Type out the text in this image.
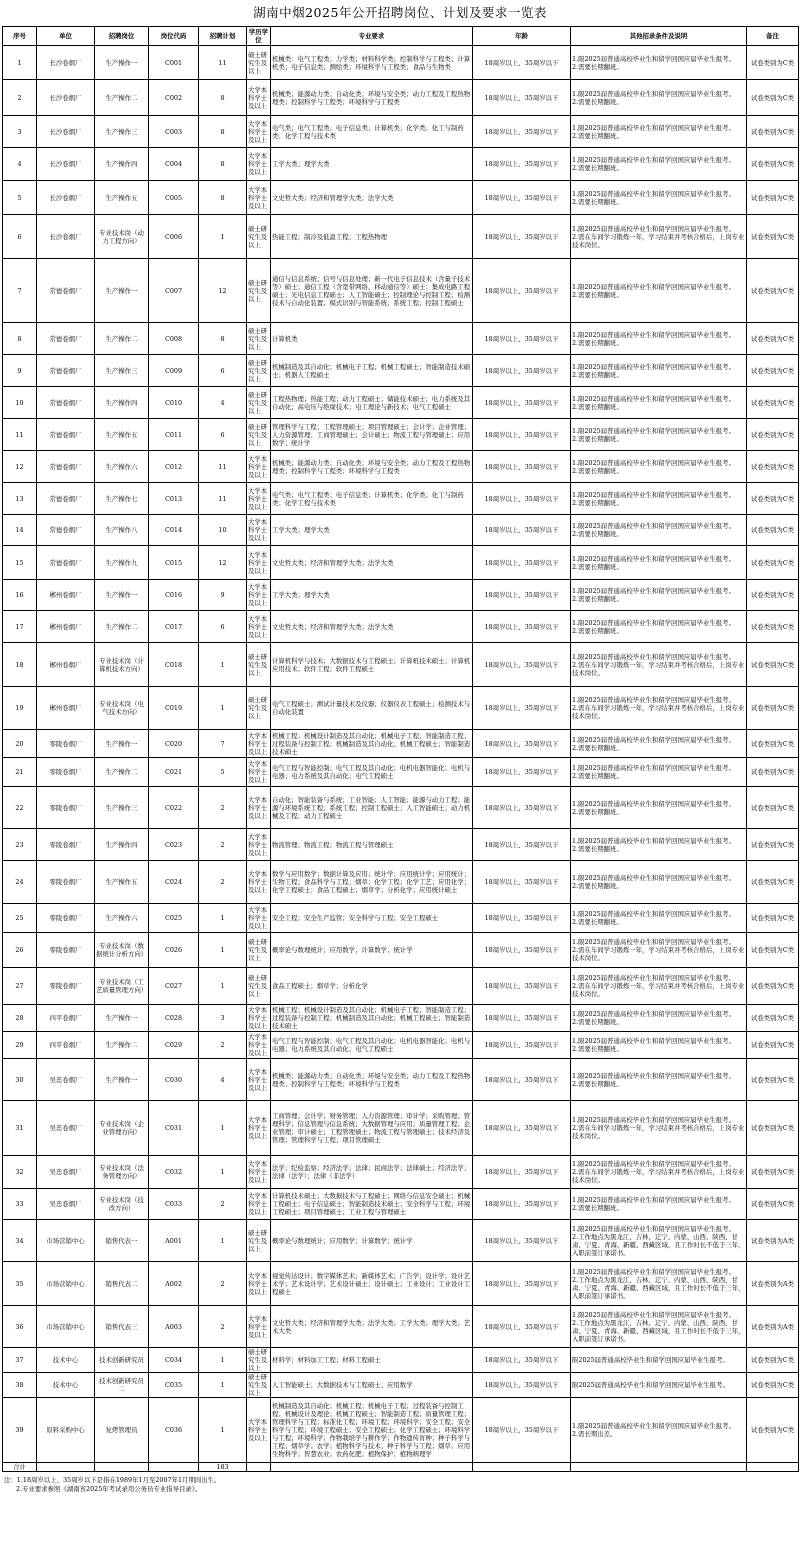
湖南中烟2025年公开招聘岗位、计划及要求一览表
序号	单位	招聘岗位	岗位代码	招聘计划	学历学位	专业要求	年龄	其他招录条件及说明	备注
1	长沙卷烟厂	生产操作一	C001	11	硕士研究生及以上	机械类：电气工程类；力学类；材料科学类；控制科学与工程类；计算机类；电子信息类；测绘类；环境科学与工程类；食品与生物类	18周岁以上、35周岁以下	1.限2025届普通高校毕业生和留学回国应届毕业生报考。
2.需要长期翻班。	试卷类别为C类
2	长沙卷烟厂	生产操作二	C002	8	大学本科学士及以上	机械类；能源动力类；自动化类；环境与安全类；动力工程及工程热物理类；控制科学与工程类；环境科学与工程类	18周岁以上、35周岁以下	1.限2025届普通高校毕业生和留学回国应届毕业生报考。
2.需要长期翻班。	试卷类别为C类
3	长沙卷烟厂	生产操作三	C003	8	大学本科学士及以上	电气类；电气工程类；电子信息类；计算机类；化学类；化工与制药类；化学工程与技术类	18周岁以上、35周岁以下	1.限2025届普通高校毕业生和留学回国应届毕业生报考。
2.需要长期翻班。	试卷类别为C类
4	长沙卷烟厂	生产操作四	C004	8	大学本科学士及以上	工学大类；理学大类	18周岁以上、35周岁以下	1.限2025届普通高校毕业生和留学回国应届毕业生报考。
2.需要长期翻班。	试卷类别为C类
5	长沙卷烟厂	生产操作五	C005	8	大学本科学士及以上	文史哲大类；经济和管理学大类；法学大类	18周岁以上、35周岁以下	1.限2025届普通高校毕业生和留学回国应届毕业生报考。
2.需要长期翻班。	试卷类别为C类
6	长沙卷烟厂	专业技术岗（动力工程方向）	C006	1	硕士研究生及以上	热能工程；制冷及低温工程；工程热物理	18周岁以上、35周岁以下	1.限2025届普通高校毕业生和留学回国应届毕业生报考。
2.需在车间学习锻炼一年，学习结束并考核合格后，上岗专业技术岗位。	试卷类别为C类
7	常德卷烟厂	生产操作一	C007	12	硕士研究生及以上	通信与信息系统；信号与信息处理；新一代电子信息技术（含量子技术等）硕士；通信工程（含宽带网络、移动通信等）硕士；集成电路工程硕士；光电信息工程硕士；人工智能硕士；控制理论与控制工程；检测技术与自动化装置；模式识别与智能系统；系统工程；控制工程硕士	18周岁以上、35周岁以下	1.限2025届普通高校毕业生和留学回国应届毕业生报考。
2.需要长期翻班。	试卷类别为C类
8	常德卷烟厂	生产操作二	C008	8	硕士研究生及以上	计算机类	18周岁以上、35周岁以下	1.限2025届普通高校毕业生和留学回国应届毕业生报考。
2.需要长期翻班。	试卷类别为C类
9	常德卷烟厂	生产操作三	C009	6	硕士研究生及以上	机械制造及其自动化；机械电子工程；机械工程硕士；智能制造技术硕士；机器人工程硕士	18周岁以上、35周岁以下	1.限2025届普通高校毕业生和留学回国应届毕业生报考。
2.需要长期翻班。	试卷类别为C类
10	常德卷烟厂	生产操作四	C010	4	硕士研究生及以上	工程热物理；热能工程；动力工程硕士；储能技术硕士；电力系统及其自动化；高电压与绝缘技术；电工理论与新技术；电气工程硕士	18周岁以上、35周岁以下	1.限2025届普通高校毕业生和留学回国应届毕业生报考。
2.需要长期翻班。	试卷类别为C类
11	常德卷烟厂	生产操作五	C011	6	硕士研究生及以上	管理科学与工程；工程管理硕士；项目管理硕士；会计学；企业管理；人力资源管理；工商管理硕士；会计硕士；物流工程与管理硕士；应用数学；统计学	18周岁以上、35周岁以下	1.限2025届普通高校毕业生和留学回国应届毕业生报考。
2.需要长期翻班。	试卷类别为C类
12	常德卷烟厂	生产操作六	C012	11	大学本科学士及以上	机械类；能源动力类；自动化类；环境与安全类；动力工程及工程热物理类；控制科学与工程类；环境科学与工程类	18周岁以上、35周岁以下	1.限2025届普通高校毕业生和留学回国应届毕业生报考。
2.需要长期翻班。	试卷类别为C类
13	常德卷烟厂	生产操作七	C013	11	大学本科学士及以上	电气类；电气工程类；电子信息类；计算机类；化学类；化工与制药类；化学工程与技术类	18周岁以上、35周岁以下	1.限2025届普通高校毕业生和留学回国应届毕业生报考。
2.需要长期翻班。	试卷类别为C类
14	常德卷烟厂	生产操作八	C014	10	大学本科学士及以上	工学大类；理学大类	18周岁以上、35周岁以下	1.限2025届普通高校毕业生和留学回国应届毕业生报考。
2.需要长期翻班。	试卷类别为C类
15	常德卷烟厂	生产操作九	C015	12	大学本科学士及以上	文史哲大类；经济和管理学大类；法学大类	18周岁以上、35周岁以下	1.限2025届普通高校毕业生和留学回国应届毕业生报考。
2.需要长期翻班。	试卷类别为C类
16	郴州卷烟厂	生产操作一	C016	9	大学本科学士及以上	工学大类；理学大类	18周岁以上、35周岁以下	1.限2025届普通高校毕业生和留学回国应届毕业生报考。
2.需要长期翻班。	试卷类别为C类
17	郴州卷烟厂	生产操作二	C017	6	大学本科学士及以上	文史哲大类；经济和管理学大类；法学大类	18周岁以上、35周岁以下	1.限2025届普通高校毕业生和留学回国应届毕业生报考。
2.需要长期翻班。	试卷类别为C类
18	郴州卷烟厂	专业技术岗（计算机技术方向）	C018	1	硕士研究生及以上	计算机科学与技术；大数据技术与工程硕士；计算机技术硕士；计算机应用技术；软件工程；软件工程硕士	18周岁以上、35周岁以下	1.限2025届普通高校毕业生和留学回国应届毕业生报考。
2.需在车间学习锻炼一年，学习结束并考核合格后，上岗专业技术岗位。	试卷类别为C类
19	郴州卷烟厂	专业技术岗（电气技术方向）	C019	1	硕士研究生及以上	电气工程硕士；测试计量技术及仪器；仪器仪表工程硕士；检测技术与自动化装置	18周岁以上、35周岁以下	1.限2025届普通高校毕业生和留学回国应届毕业生报考。
2.需在车间学习锻炼一年，学习结束并考核合格后，上岗专业技术岗位。	试卷类别为C类
20	零陵卷烟厂	生产操作一	C020	7	大学本科学士及以上	机械工程；机械设计制造及其自动化；机械电子工程；智能制造工程；过程装备与控制工程；机械制造及其自动化；机械工程硕士；智能制造技术硕士	18周岁以上、35周岁以下	1.限2025届普通高校毕业生和留学回国应届毕业生报考。
2.需要长期翻班。	试卷类别为C类
21	零陵卷烟厂	生产操作二	C021	5	大学本科学士及以上	电气工程与智能控制；电气工程及其自动化；电机电器智能化；电机与电器；电力系统及其自动化；电气工程硕士	18周岁以上、35周岁以下	1.限2025届普通高校毕业生和留学回国应届毕业生报考。
2.需要长期翻班。	试卷类别为C类
22	零陵卷烟厂	生产操作三	C022	2	大学本科学士及以上	自动化；智能装备与系统；工业智能；人工智能；能源与动力工程；能源与环境系统工程；系统工程；控制工程硕士；人工智能硕士；动力机械及工程；动力工程硕士	18周岁以上、35周岁以下	1.限2025届普通高校毕业生和留学回国应届毕业生报考。
2.需要长期翻班。	试卷类别为C类
23	零陵卷烟厂	生产操作四	C023	2	大学本科学士及以上	物流管理；物流工程；物流工程与管理硕士	18周岁以上、35周岁以下	1.限2025届普通高校毕业生和留学回国应届毕业生报考。
2.需要长期翻班。	试卷类别为C类
24	零陵卷烟厂	生产操作五	C024	2	大学本科学士及以上	数学与应用数学；数据计算及应用；统计学；应用统计学；应用统计；生物工程；食品科学与工程；烟草；化学工程；化学工艺；应用化学；化学工程硕士；食品工程硕士；烟草学；分析化学；应用统计硕士	18周岁以上、35周岁以下	1.限2025届普通高校毕业生和留学回国应届毕业生报考。
2.需要长期翻班。	试卷类别为C类
25	零陵卷烟厂	生产操作六	C025	1	大学本科学士及以上	安全工程；安全生产监管；安全科学与工程；安全工程硕士	18周岁以上、35周岁以下	1.限2025届普通高校毕业生和留学回国应届毕业生报考。
2.需要长期翻班。	试卷类别为C类
26	零陵卷烟厂	专业技术岗（数据统计分析方向）	C026	1	硕士研究生及以上	概率论与数理统计；应用数学；计算数学；统计学	18周岁以上、35周岁以下	1.限2025届普通高校毕业生和留学回国应届毕业生报考。
2.需在车间学习锻炼一年，学习结束并考核合格后，上岗专业技术岗位。	试卷类别为C类
27	零陵卷烟厂	专业技术岗（工艺质量管理方向）	C027	1	硕士研究生及以上	食品工程硕士；烟草学；分析化学	18周岁以上、35周岁以下	1.限2025届普通高校毕业生和留学回国应届毕业生报考。
2.需在车间学习锻炼一年，学习结束并考核合格后，上岗专业技术岗位。	试卷类别为C类
28	四平卷烟厂	生产操作一	C028	3	大学本科学士及以上	机械工程；机械设计制造及其自动化；机械电子工程；智能制造工程；过程装备与控制工程；机械制造及其自动化；机械工程硕士；智能制造技术硕士	18周岁以上、35周岁以下	1.限2025届普通高校毕业生和留学回国应届毕业生报考。
2.需要长期翻班。	试卷类别为C类
29	四平卷烟厂	生产操作二	C029	2	大学本科学士及以上	电气工程与智能控制；电气工程及其自动化；电机电器智能化；电机与电器；电力系统及其自动化；电气工程硕士	18周岁以上、35周岁以下	1.限2025届普通高校毕业生和留学回国应届毕业生报考。
2.需要长期翻班。	试卷类别为C类
30	吴忠卷烟厂	生产操作一	C030	4	大学本科学士及以上	机械类；能源动力类；自动化类；环境与安全类；动力工程及工程热物理类；控制科学与工程类；环境科学与工程类	18周岁以上、35周岁以下	1.限2025届普通高校毕业生和留学回国应届毕业生报考。
2.需要长期翻班。	试卷类别为C类
31	吴忠卷烟厂	专业技术岗（企业管理方向）	C031	1	大学本科学士及以上	工商管理；会计学；财务管理；人力资源管理；审计学；采购管理；管理科学；信息管理与信息系统；大数据管理与应用；质量管理工程；企业管理；审计硕士；工程管理硕士；物流工程与管理硕士；技术经济及管理；管理科学与工程；项目管理硕士	18周岁以上、35周岁以下	1.限2025届普通高校毕业生和留学回国应届毕业生报考。
2.需在车间学习锻炼一年，学习结束并考核合格后，上岗专业技术岗位。	试卷类别为C类
32	吴忠卷烟厂	专业技术岗（法务管理方向）	C032	1	大学本科学士及以上	法学；纪检监察；经济法学；法律；民商法学；法律硕士；经济法学；法律（法学）；法律（非法学）	18周岁以上、35周岁以下	1.限2025届普通高校毕业生和留学回国应届毕业生报考。
2.需在车间学习锻炼一年，学习结束并考核合格后，上岗专业技术岗位。	试卷类别为C类
33	吴忠卷烟厂	专业技术岗（技改方向）	C033	2	大学本科学士及以上	计算机技术硕士；大数据技术与工程硕士；网络与信息安全硕士；机械工程硕士；电子信息硕士；智能制造技术硕士；安全科学与工程；环境工程硕士；项目管理硕士；工业工程与管理硕士	18周岁以上、35周岁以下	1.限2025届普通高校毕业生和留学回国应届毕业生报考。
2.需要长期翻班。	试卷类别为C类
34	市场营销中心	销售代表一	A001	1	硕士研究生及以上	概率论与数理统计；应用数学；计算数学；统计学	18周岁以上、35周岁以下	1.限2025届普通高校毕业生和留学回国应届毕业生报考。
2.工作地点为黑龙江、吉林、辽宁、内蒙、山西、陕西、甘肃、宁夏、青海、新疆、西藏区域，且工作时长不低于三年，入职前签订承诺书。	试卷类别为A类
35	市场营销中心	销售代表二	A002	2	大学本科学士及以上	视觉传达设计；数字媒体艺术；新媒体艺术；广告学；设计学；设计艺术学；艺术设计学；艺术设计硕士；设计硕士；工业设计；工业设计工程硕士	18周岁以上、35周岁以下	1.限2025届普通高校毕业生和留学回国应届毕业生报考。
2.工作地点为黑龙江、吉林、辽宁、内蒙、山西、陕西、甘肃、宁夏、青海、新疆、西藏区域，且工作时长不低于三年，入职前签订承诺书。	试卷类别为A类
36	市场营销中心	销售代表三	A003	2	大学本科学士及以上	文史哲大类；经济和管理学大类；法学大类；工学大类；理学大类；艺术大类	18周岁以上、35周岁以下	1.限2025届普通高校毕业生和留学回国应届毕业生报考。
2.工作地点为黑龙江、吉林、辽宁、内蒙、山西、陕西、甘肃、宁夏、青海、新疆、西藏区域，且工作时长不低于三年，入职前签订承诺书。	试卷类别为A类
37	技术中心	技术创新研究员	C034	1	硕士研究生及以上	材料学；材料加工工程；材料工程硕士	18周岁以上、35周岁以下	限2025届普通高校毕业生和留学回国应届毕业生报考。	试卷类别为C类
38	技术中心	技术创新研究员二	C035	1	硕士研究生及以上	人工智能硕士；大数据技术与工程硕士；应用数学	18周岁以上、35周岁以下	限2025届普通高校毕业生和留学回国应届毕业生报考。	试卷类别为C类
39	原料采购中心	复烤管理员	C036	1	大学本科学士及以上	机械制造及其自动化；机械工程；机械电子工程；过程装备与控制工程；机械设计及理论；机械工程硕士；智能制造工程；质量管理工程；管理科学与工程；标准化工程；环境工程；环境科学；安全工程；安全科学与工程；环境工程硕士；安全工程硕士；化学工程硕士；环境科学与工程；环境科学；作物栽培学与耕作学；作物遗传育种；种子科学与工程；烟草学；农学；植物科学与技术；种子科学与工程；烟草；应用生物科学；智慧农业；农药化肥；植物保护；植物病理学	18周岁以上、35周岁以下	1.限2025届普通高校毕业生和留学回国应届毕业生报考。
2.需长期出差。	试卷类别为C类
合计				183					
注：1.18周岁以上、35周岁以下是指在1989年1月至2007年1月期间出生。
2.专业要求参照《湖南省2025年考试录用公务员专业指导目录》。
